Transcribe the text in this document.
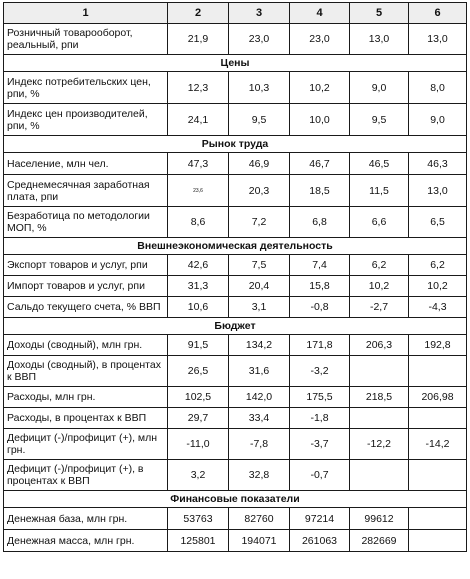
1	2	3	4	5	6
Розничный товарооборот, реальный, рпи	21,9	23,0	23,0	13,0	13,0
Цены					
Индекс потребительских цен, рпи, %	12,3	10,3	10,2	9,0	8,0
Индекс цен производителей, рпи, %	24,1	9,5	10,0	9,5	9,0
Рынок труда					
Население, млн чел.	47,3	46,9	46,7	46,5	46,3
Среднемесячная заработная плата, рпи	23,6	20,3	18,5	11,5	13,0
Безработица по методологии МОП, %	8,6	7,2	6,8	6,6	6,5
Внешнеэкономическая деятельность					
Экспорт товаров и услуг, рпи	42,6	7,5	7,4	6,2	6,2
Импорт товаров и услуг, рпи	31,3	20,4	15,8	10,2	10,2
Сальдо текущего счета, % ВВП	10,6	3,1	-0,8	-2,7	-4,3
Бюджет					
Доходы (сводный), млн грн.	91,5	134,2	171,8	206,3	192,8
Доходы (сводный), в процентах к ВВП	26,5	31,6	-3,2		
Расходы, млн грн.	102,5	142,0	175,5	218,5	206,98
Расходы, в процентах к ВВП	29,7	33,4	-1,8		
Дефицит (-)/профицит (+), млн грн.	-11,0	-7,8	-3,7	-12,2	-14,2
Дефицит (-)/профицит (+), в процентах к ВВП	3,2	32,8	-0,7		
Финансовые показатели					
Денежная база, млн грн.	53763	82760	97214	99612	
Денежная масса, млн грн.	125801	194071	261063	282669	
